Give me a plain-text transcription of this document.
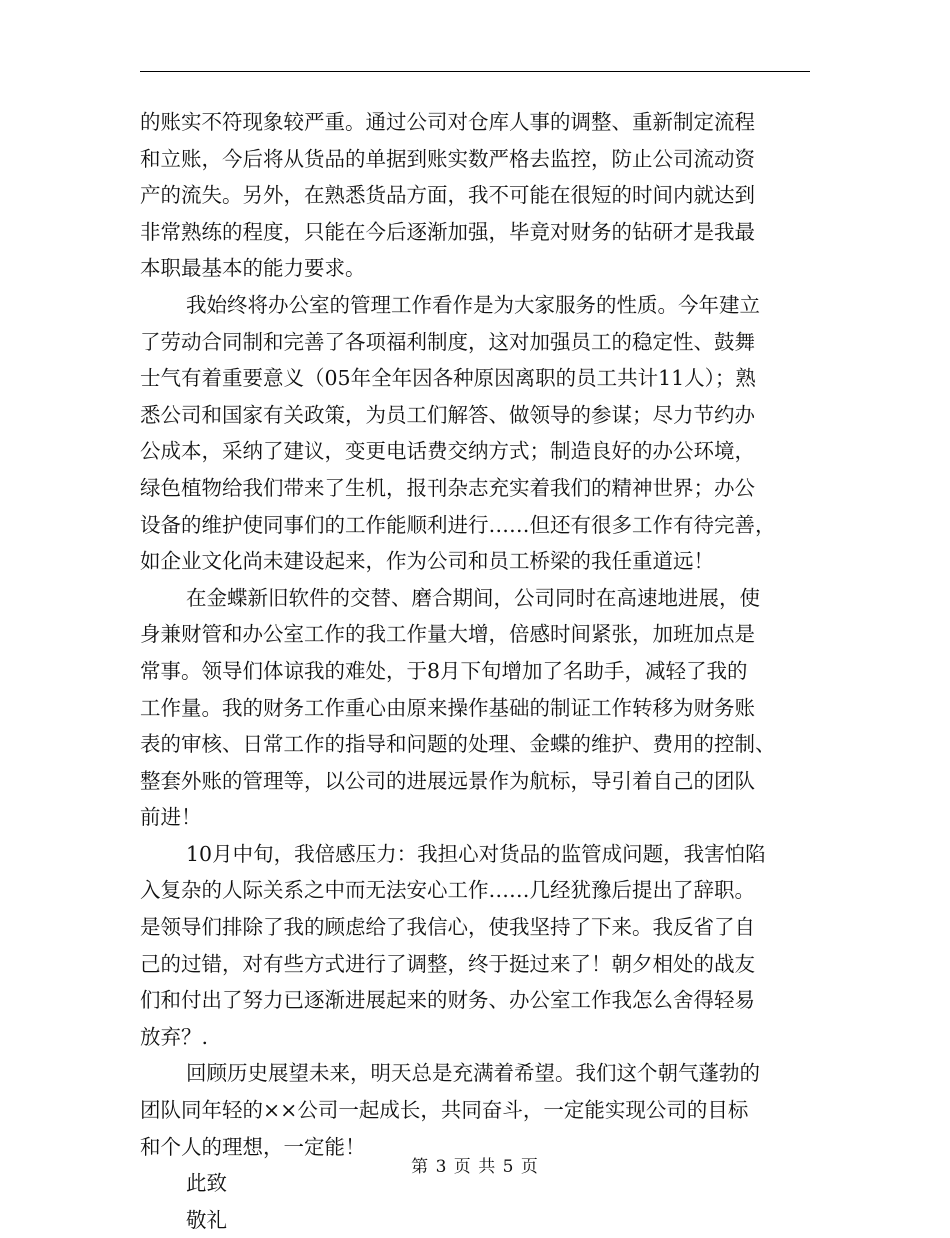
的账实不符现象较严重。通过公司对仓库人事的调整、重新制定流程
和立账，今后将从货品的单据到账实数严格去监控，防止公司流动资
产的流失。另外，在熟悉货品方面，我不可能在很短的时间内就达到
非常熟练的程度，只能在今后逐渐加强，毕竟对财务的钻研才是我最
本职最基本的能力要求。

我始终将办公室的管理工作看作是为大家服务的性质。今年建立
了劳动合同制和完善了各项福利制度，这对加强员工的稳定性、鼓舞
士气有着重要意义（05年全年因各种原因离职的员工共计11人）；熟
悉公司和国家有关政策，为员工们解答、做领导的参谋；尽力节约办
公成本，采纳了建议，变更电话费交纳方式；制造良好的办公环境，
绿色植物给我们带来了生机，报刊杂志充实着我们的精神世界；办公
设备的维护使同事们的工作能顺利进行……但还有很多工作有待完善，
如企业文化尚未建设起来，作为公司和员工桥梁的我任重道远！

在金蝶新旧软件的交替、磨合期间，公司同时在高速地进展，使
身兼财管和办公室工作的我工作量大增，倍感时间紧张，加班加点是
常事。领导们体谅我的难处，于8月下旬增加了名助手，减轻了我的
工作量。我的财务工作重心由原来操作基础的制证工作转移为财务账
表的审核、日常工作的指导和问题的处理、金蝶的维护、费用的控制、
整套外账的管理等，以公司的进展远景作为航标，导引着自己的团队
前进！

10月中旬，我倍感压力：我担心对货品的监管成问题，我害怕陷
入复杂的人际关系之中而无法安心工作……几经犹豫后提出了辞职。
是领导们排除了我的顾虑给了我信心，使我坚持了下来。我反省了自
己的过错，对有些方式进行了调整，终于挺过来了！朝夕相处的战友
们和付出了努力已逐渐进展起来的财务、办公室工作我怎么舍得轻易
放弃？.

回顾历史展望未来，明天总是充满着希望。我们这个朝气蓬勃的
团队同年轻的××公司一起成长，共同奋斗，一定能实现公司的目标
和个人的理想，一定能！

此致

敬礼

第 3 页 共 5 页
